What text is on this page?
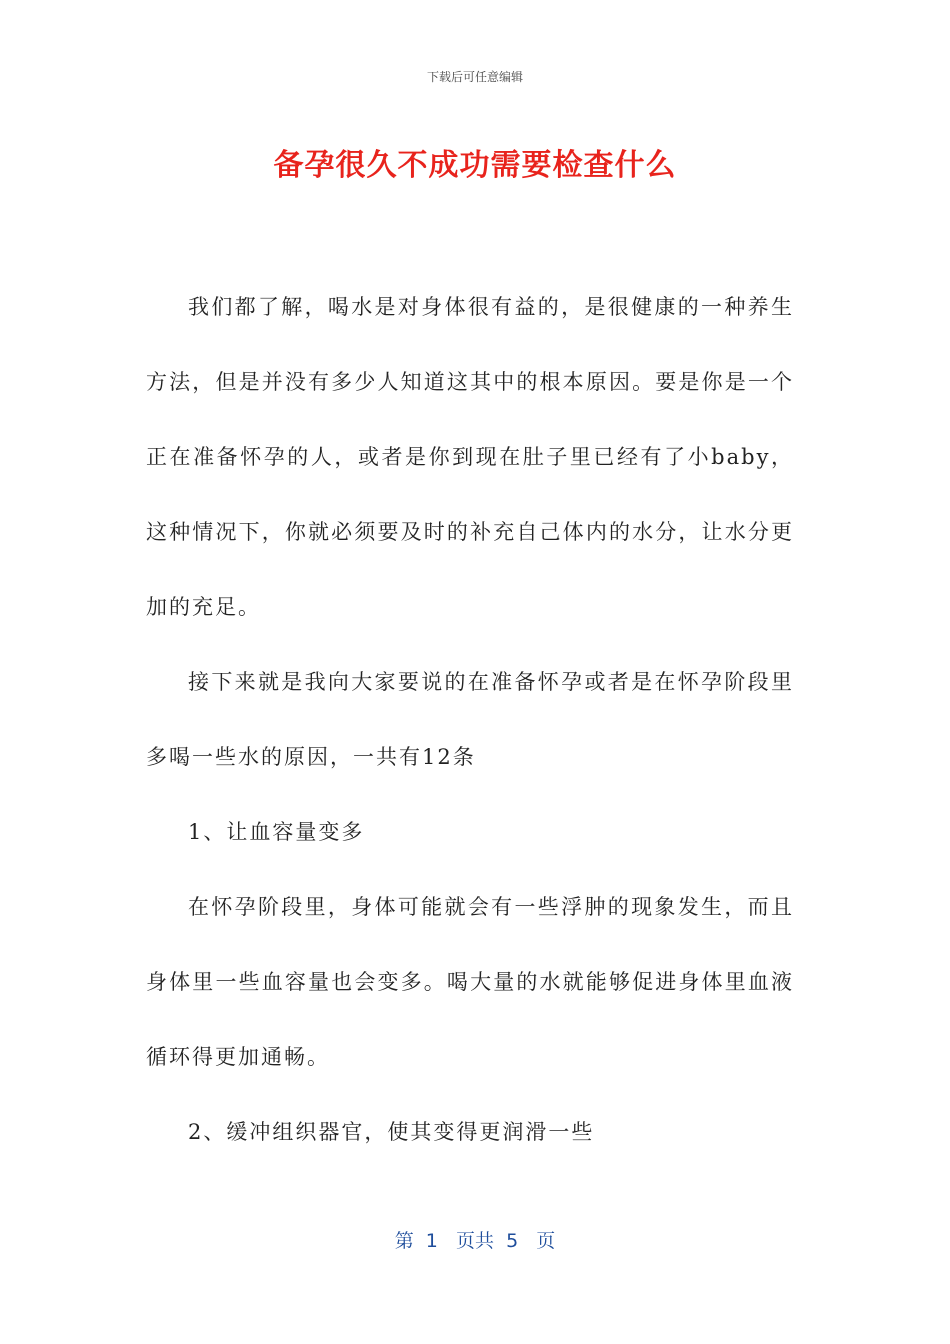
下载后可任意编辑
备孕很久不成功需要检查什么

我们都了解，喝水是对身体很有益的，是很健康的一种养生方法，但是并没有多少人知道这其中的根本原因。要是你是一个正在准备怀孕的人，或者是你到现在肚子里已经有了小baby，这种情况下，你就必须要及时的补充自己体内的水分，让水分更加的充足。

接下来就是我向大家要说的在准备怀孕或者是在怀孕阶段里多喝一些水的原因，一共有12条

1、让血容量变多

在怀孕阶段里，身体可能就会有一些浮肿的现象发生，而且身体里一些血容量也会变多。喝大量的水就能够促进身体里血液循环得更加通畅。

2、缓冲组织器官，使其变得更润滑一些

第  1   页共  5   页
